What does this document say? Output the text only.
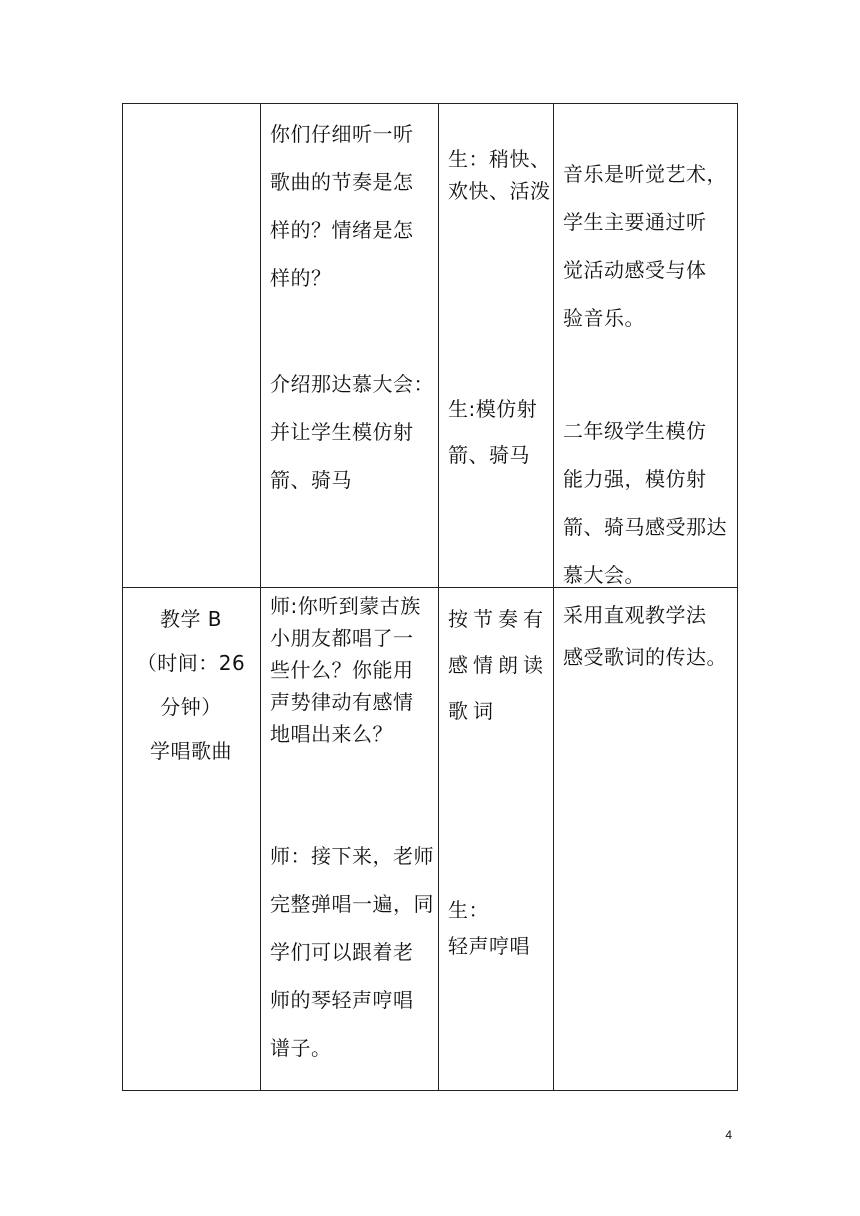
你们仔细听一听
歌曲的节奏是怎
样的？情绪是怎
样的？
介绍那达慕大会：
并让学生模仿射
箭、骑马
生：稍快、
欢快、活泼
生:模仿射
箭、骑马
音乐是听觉艺术，
学生主要通过听
觉活动感受与体
验音乐。
二年级学生模仿
能力强，模仿射
箭、骑马感受那达
慕大会。
教学 B
（时间：26
分钟）
学唱歌曲
师:你听到蒙古族
小朋友都唱了一
些什么？你能用
声势律动有感情
地唱出来么？
师：接下来，老师
完整弹唱一遍，同
学们可以跟着老
师的琴轻声哼唱
谱子。
按节奏有
感情朗读
歌词
生：
轻声哼唱
采用直观教学法
感受歌词的传达。
4
